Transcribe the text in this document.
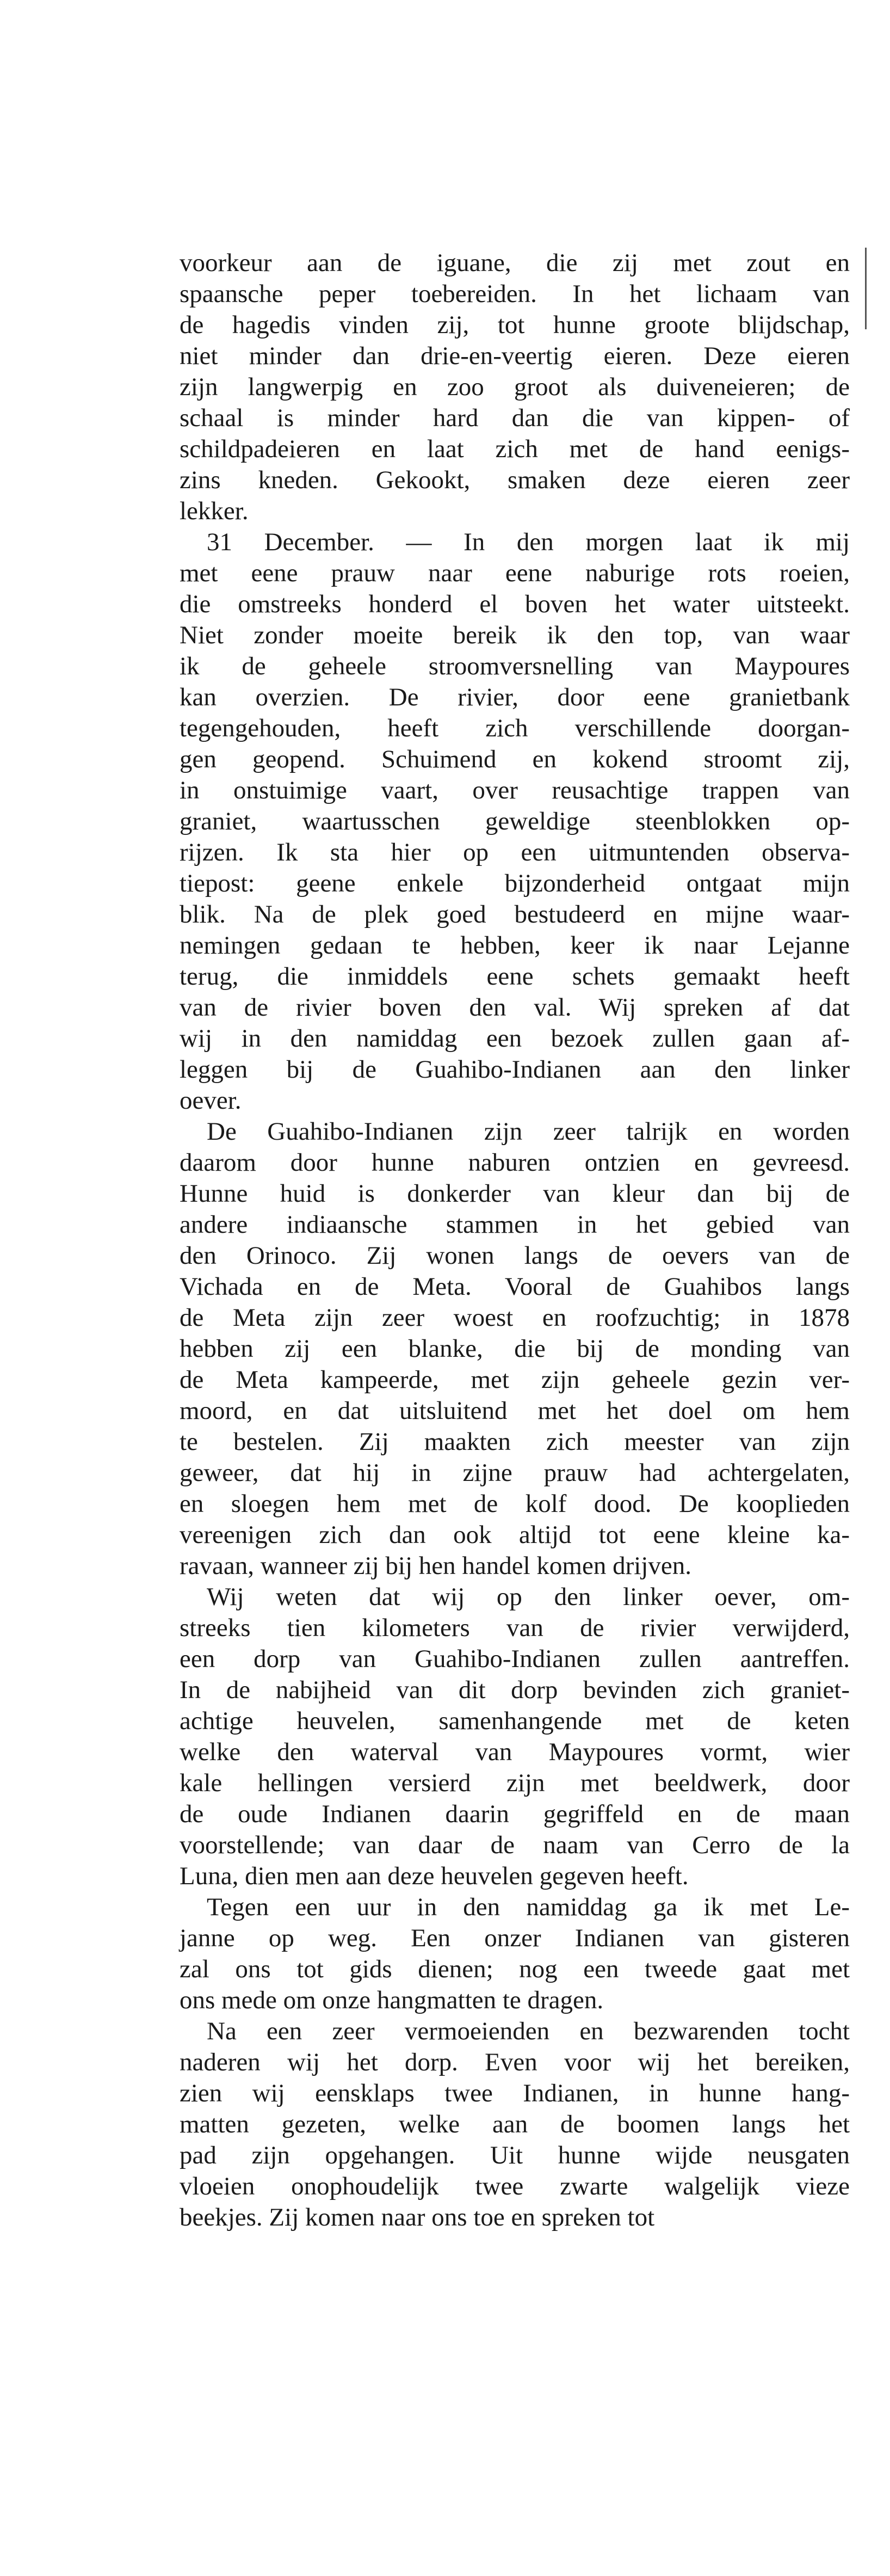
voorkeur aan de iguane, die zij met zout en
spaansche peper toebereiden. In het lichaam van
de hagedis vinden zij, tot hunne groote blijdschap,
niet minder dan drie-en-veertig eieren. Deze eieren
zijn langwerpig en zoo groot als duiveneieren; de
schaal is minder hard dan die van kippen- of
schildpadeieren en laat zich met de hand eenigs-
zins kneden. Gekookt, smaken deze eieren zeer
lekker.

31 December. — In den morgen laat ik mij
met eene prauw naar eene naburige rots roeien,
die omstreeks honderd el boven het water uitsteekt.
Niet zonder moeite bereik ik den top, van waar
ik de geheele stroomversnelling van Maypoures
kan overzien. De rivier, door eene granietbank
tegengehouden, heeft zich verschillende doorgan-
gen geopend. Schuimend en kokend stroomt zij,
in onstuimige vaart, over reusachtige trappen van
graniet, waartusschen geweldige steenblokken op-
rijzen. Ik sta hier op een uitmuntenden observa-
tiepost: geene enkele bijzonderheid ontgaat mijn
blik. Na de plek goed bestudeerd en mijne waar-
nemingen gedaan te hebben, keer ik naar Lejanne
terug, die inmiddels eene schets gemaakt heeft
van de rivier boven den val. Wij spreken af dat
wij in den namiddag een bezoek zullen gaan af-
leggen bij de Guahibo-Indianen aan den linker
oever.

De Guahibo-Indianen zijn zeer talrijk en worden
daarom door hunne naburen ontzien en gevreesd.
Hunne huid is donkerder van kleur dan bij de
andere indiaansche stammen in het gebied van
den Orinoco. Zij wonen langs de oevers van de
Vichada en de Meta. Vooral de Guahibos langs
de Meta zijn zeer woest en roofzuchtig; in 1878
hebben zij een blanke, die bij de monding van
de Meta kampeerde, met zijn geheele gezin ver-
moord, en dat uitsluitend met het doel om hem
te bestelen. Zij maakten zich meester van zijn
geweer, dat hij in zijne prauw had achtergelaten,
en sloegen hem met de kolf dood. De kooplieden
vereenigen zich dan ook altijd tot eene kleine ka-
ravaan, wanneer zij bij hen handel komen drijven.

Wij weten dat wij op den linker oever, om-
streeks tien kilometers van de rivier verwijderd,
een dorp van Guahibo-Indianen zullen aantreffen.
In de nabijheid van dit dorp bevinden zich graniet-
achtige heuvelen, samenhangende met de keten
welke den waterval van Maypoures vormt, wier
kale hellingen versierd zijn met beeldwerk, door
de oude Indianen daarin gegriffeld en de maan
voorstellende; van daar de naam van Cerro de la
Luna, dien men aan deze heuvelen gegeven heeft.

Tegen een uur in den namiddag ga ik met Le-
janne op weg. Een onzer Indianen van gisteren
zal ons tot gids dienen; nog een tweede gaat met
ons mede om onze hangmatten te dragen.

Na een zeer vermoeienden en bezwarenden tocht
naderen wij het dorp. Even voor wij het bereiken,
zien wij eensklaps twee Indianen, in hunne hang-
matten gezeten, welke aan de boomen langs het
pad zijn opgehangen. Uit hunne wijde neusgaten
vloeien onophoudelijk twee zwarte walgelijk vieze
beekjes. Zij komen naar ons toe en spreken tot
